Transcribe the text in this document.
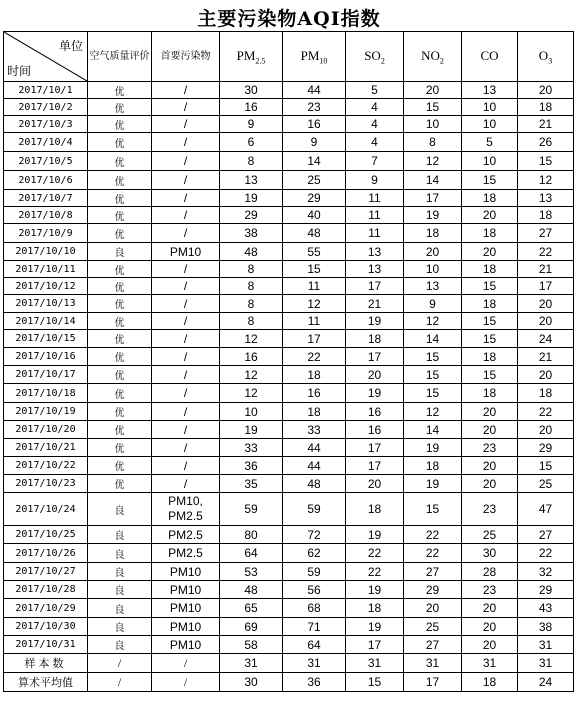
主要污染物AQI指数
单位
时间	空气质量评价	首要污染物	$PM_{2.5}$	$PM_{10}$	$SO_2$	$NO_2$	CO	$O_3$
2017/10/1	优	/	30	44	5	20	13	20
2017/10/2	优	/	16	23	4	15	10	18
2017/10/3	优	/	9	16	4	10	10	21
2017/10/4	优	/	6	9	4	8	5	26
2017/10/5	优	/	8	14	7	12	10	15
2017/10/6	优	/	13	25	9	14	15	12
2017/10/7	优	/	19	29	11	17	18	13
2017/10/8	优	/	29	40	11	19	20	18
2017/10/9	优	/	38	48	11	18	18	27
2017/10/10	良	PM10	48	55	13	20	20	22
2017/10/11	优	/	8	15	13	10	18	21
2017/10/12	优	/	8	11	17	13	15	17
2017/10/13	优	/	8	12	21	9	18	20
2017/10/14	优	/	8	11	19	12	15	20
2017/10/15	优	/	12	17	18	14	15	24
2017/10/16	优	/	16	22	17	15	18	21
2017/10/17	优	/	12	18	20	15	15	20
2017/10/18	优	/	12	16	19	15	18	18
2017/10/19	优	/	10	18	16	12	20	22
2017/10/20	优	/	19	33	16	14	20	20
2017/10/21	优	/	33	44	17	19	23	29
2017/10/22	优	/	36	44	17	18	20	15
2017/10/23	优	/	35	48	20	19	20	25
2017/10/24	良	PM10,
PM2.5	59	59	18	15	23	47
2017/10/25	良	PM2.5	80	72	19	22	25	27
2017/10/26	良	PM2.5	64	62	22	22	30	22
2017/10/27	良	PM10	53	59	22	27	28	32
2017/10/28	良	PM10	48	56	19	29	23	29
2017/10/29	良	PM10	65	68	18	20	20	43
2017/10/30	良	PM10	69	71	19	25	20	38
2017/10/31	良	PM10	58	64	17	27	20	31
样本数	/	/	31	31	31	31	31	31
算术平均值	/	/	30	36	15	17	18	24
